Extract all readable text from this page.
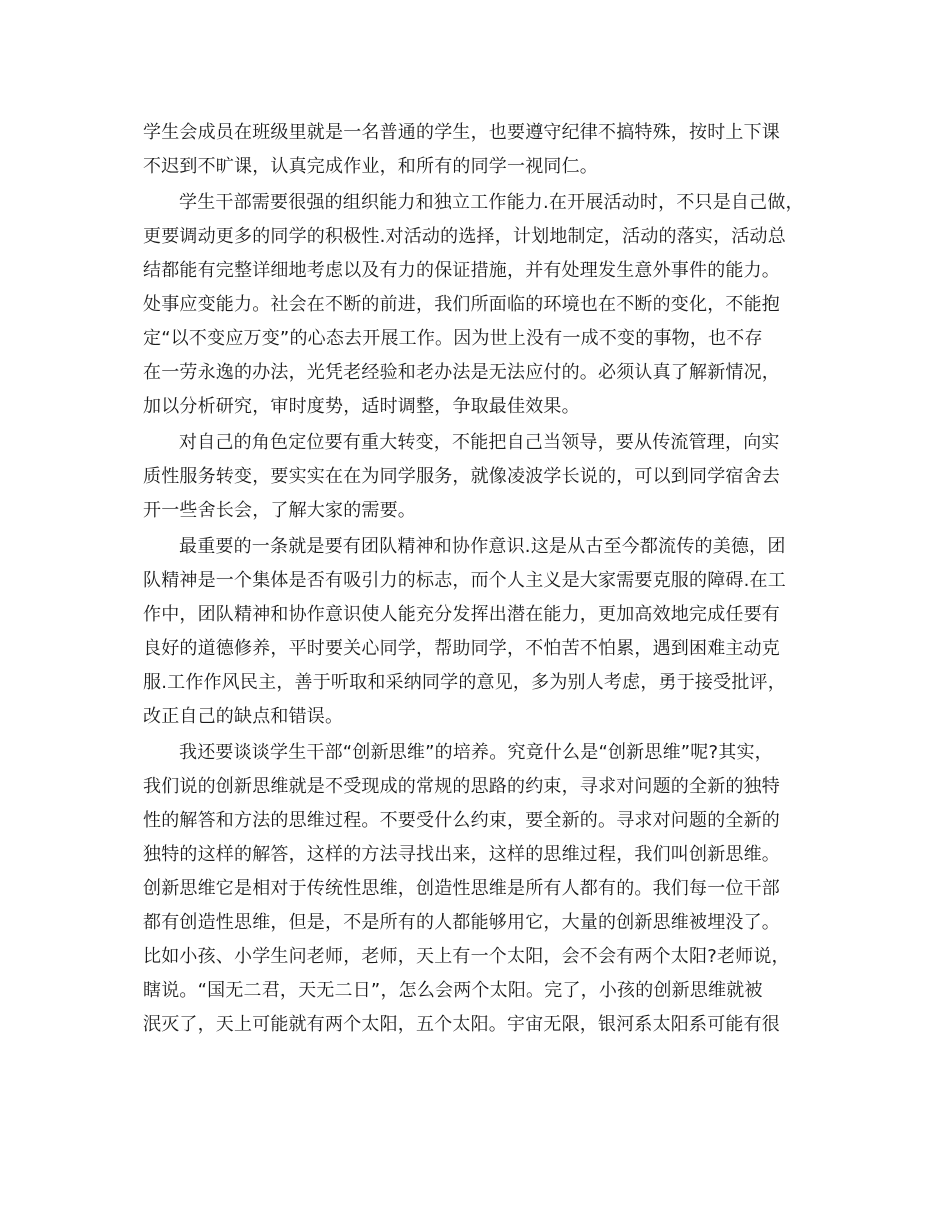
学生会成员在班级里就是一名普通的学生，也要遵守纪律不搞特殊，按时上下课
不迟到不旷课，认真完成作业，和所有的同学一视同仁。
学生干部需要很强的组织能力和独立工作能力.在开展活动时，不只是自己做，
更要调动更多的同学的积极性.对活动的选择，计划地制定，活动的落实，活动总
结都能有完整详细地考虑以及有力的保证措施，并有处理发生意外事件的能力。
处事应变能力。社会在不断的前进，我们所面临的环境也在不断的变化，不能抱
定“以不变应万变”的心态去开展工作。因为世上没有一成不变的事物，也不存
在一劳永逸的办法，光凭老经验和老办法是无法应付的。必须认真了解新情况，
加以分析研究，审时度势，适时调整，争取最佳效果。
对自己的角色定位要有重大转变，不能把自己当领导，要从传流管理，向实
质性服务转变，要实实在在为同学服务，就像凌波学长说的，可以到同学宿舍去
开一些舍长会，了解大家的需要。
最重要的一条就是要有团队精神和协作意识.这是从古至今都流传的美德，团
队精神是一个集体是否有吸引力的标志，而个人主义是大家需要克服的障碍.在工
作中，团队精神和协作意识使人能充分发挥出潜在能力，更加高效地完成任要有
良好的道德修养，平时要关心同学，帮助同学，不怕苦不怕累，遇到困难主动克
服.工作作风民主，善于听取和采纳同学的意见，多为别人考虑，勇于接受批评，
改正自己的缺点和错误。
我还要谈谈学生干部“创新思维”的培养。究竟什么是“创新思维”呢?其实，
我们说的创新思维就是不受现成的常规的思路的约束，寻求对问题的全新的独特
性的解答和方法的思维过程。不要受什么约束，要全新的。寻求对问题的全新的
独特的这样的解答，这样的方法寻找出来，这样的思维过程，我们叫创新思维。
创新思维它是相对于传统性思维，创造性思维是所有人都有的。我们每一位干部
都有创造性思维，但是，不是所有的人都能够用它，大量的创新思维被埋没了。
比如小孩、小学生问老师，老师，天上有一个太阳，会不会有两个太阳?老师说，
瞎说。“国无二君，天无二日”，怎么会两个太阳。完了，小孩的创新思维就被
泯灭了，天上可能就有两个太阳，五个太阳。宇宙无限，银河系太阳系可能有很
